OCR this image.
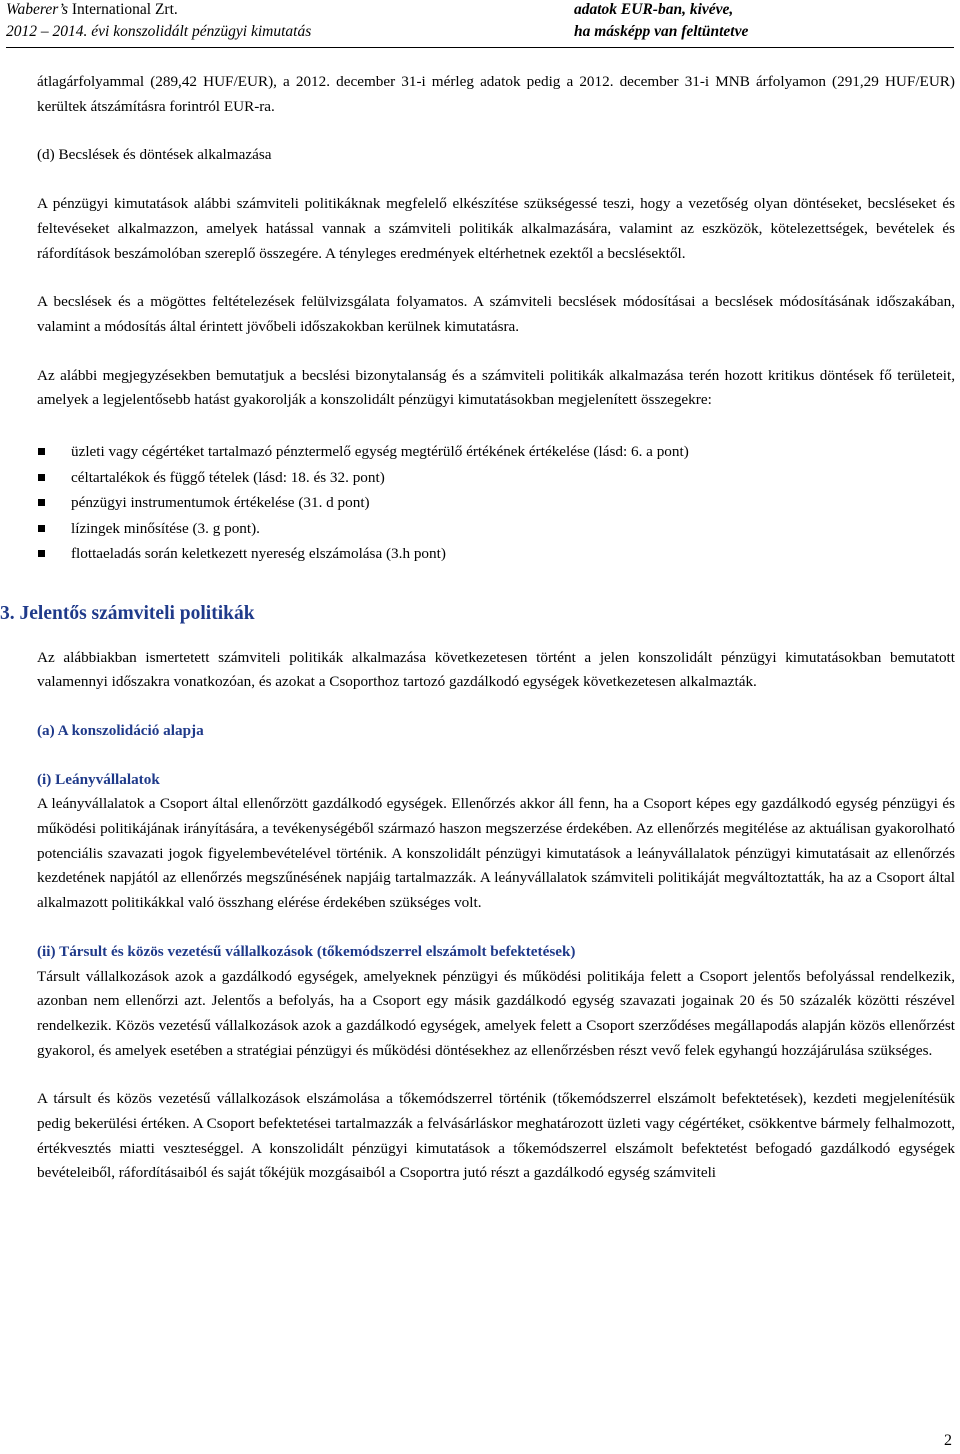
Waberer’s International Zrt.
2012 – 2014. évi konszolidált pénzügyi kimutatás
adatok EUR-ban, kivéve,
ha másképp van feltüntetve

átlagárfolyammal (289,42 HUF/EUR), a 2012. december 31-i mérleg adatok pedig a 2012. december 31-i MNB árfolyamon (291,29 HUF/EUR) kerültek átszámításra forintról EUR-ra.

(d) Becslések és döntések alkalmazása

A pénzügyi kimutatások alábbi számviteli politikáknak megfelelő elkészítése szükségessé teszi, hogy a vezetőség olyan döntéseket, becsléseket és feltevéseket alkalmazzon, amelyek hatással vannak a számviteli politikák alkalmazására, valamint az eszközök, kötelezettségek, bevételek és ráfordítások beszámolóban szereplő összegére. A tényleges eredmények eltérhetnek ezektől a becslésektől.

A becslések és a mögöttes feltételezések felülvizsgálata folyamatos. A számviteli becslések módosításai a becslések módosításának időszakában, valamint a módosítás által érintett jövőbeli időszakokban kerülnek kimutatásra.

Az alábbi megjegyzésekben bemutatjuk a becslési bizonytalanság és a számviteli politikák alkalmazása terén hozott kritikus döntések fő területeit, amelyek a legjelentősebb hatást gyakorolják a konszolidált pénzügyi kimutatásokban megjelenített összegekre:

üzleti vagy cégértéket tartalmazó pénztermelő egység megtérülő értékének értékelése (lásd: 6. a pont)
céltartalékok és függő tételek (lásd: 18. és 32. pont)
pénzügyi instrumentumok értékelése (31. d pont)
lízingek minősítése (3. g pont).
flottaeladás során keletkezett nyereség elszámolása (3.h pont)
3. Jelentős számviteli politikák

Az alábbiakban ismertetett számviteli politikák alkalmazása következetesen történt a jelen konszolidált pénzügyi kimutatásokban bemutatott valamennyi időszakra vonatkozóan, és azokat a Csoporthoz tartozó gazdálkodó egységek következetesen alkalmazták.

(a) A konszolidáció alapja

(i) Leányvállalatok

A leányvállalatok a Csoport által ellenőrzött gazdálkodó egységek. Ellenőrzés akkor áll fenn, ha a Csoport képes egy gazdálkodó egység pénzügyi és működési politikájának irányítására, a tevékenységéből származó haszon megszerzése érdekében. Az ellenőrzés megitélése az aktuálisan gyakorolható potenciális szavazati jogok figyelembevételével történik. A konszolidált pénzügyi kimutatások a leányvállalatok pénzügyi kimutatásait az ellenőrzés kezdetének napjától az ellenőrzés megszűnésének napjáig tartalmazzák. A leányvállalatok számviteli politikáját megváltoztatták, ha az a Csoport által alkalmazott politikákkal való összhang elérése érdekében szükséges volt.

(ii) Társult és közös vezetésű vállalkozások (tőkemódszerrel elszámolt befektetések)

Társult vállalkozások azok a gazdálkodó egységek, amelyeknek pénzügyi és működési politikája felett a Csoport jelentős befolyással rendelkezik, azonban nem ellenőrzi azt. Jelentős a befolyás, ha a Csoport egy másik gazdálkodó egység szavazati jogainak 20 és 50 százalék közötti részével rendelkezik. Közös vezetésű vállalkozások azok a gazdálkodó egységek, amelyek felett a Csoport szerződéses megállapodás alapján közös ellenőrzést gyakorol, és amelyek esetében a stratégiai pénzügyi és működési döntésekhez az ellenőrzésben részt vevő felek egyhangú hozzájárulása szükséges.

A társult és közös vezetésű vállalkozások elszámolása a tőkemódszerrel történik (tőkemódszerrel elszámolt befektetések), kezdeti megjelenítésük pedig bekerülési értéken. A Csoport befektetései tartalmazzák a felvásárláskor meghatározott üzleti vagy cégértéket, csökkentve bármely felhalmozott, értékvesztés miatti veszteséggel. A konszolidált pénzügyi kimutatások a tőkemódszerrel elszámolt befektetést befogadó gazdálkodó egységek bevételeiből, ráfordításaiból és saját tőkéjük mozgásaiból a Csoportra jutó részt a gazdálkodó egység számviteli

2
